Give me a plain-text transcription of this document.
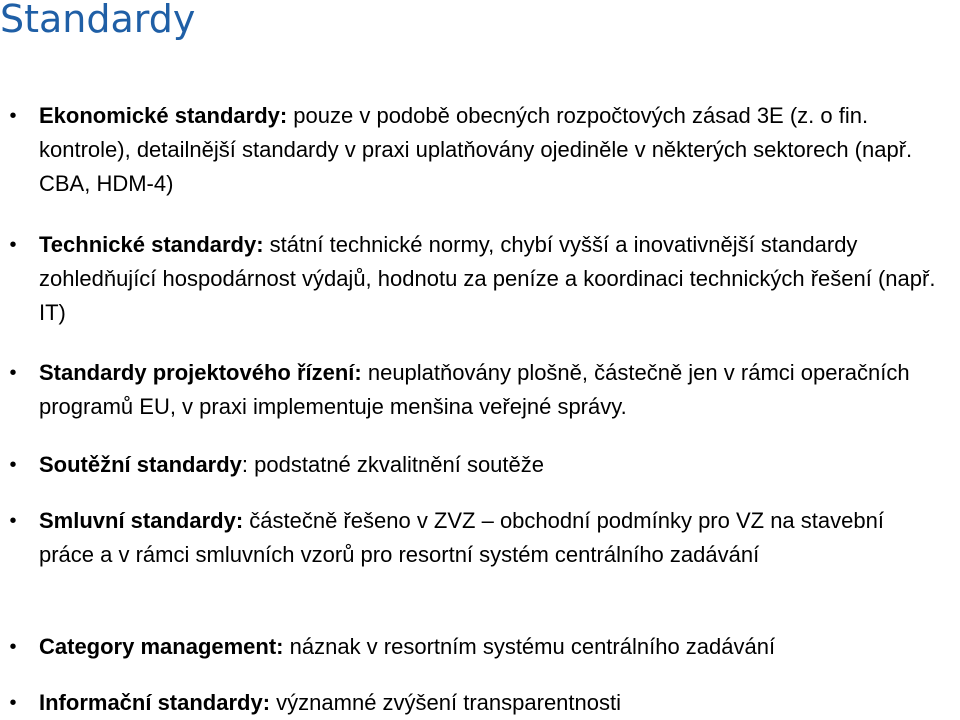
Standardy
• Ekonomické standardy: pouze v podobě obecných rozpočtových zásad 3E (z. o fin. kontrole), detailnější standardy v praxi uplatňovány ojediněle v některých sektorech (např. CBA, HDM-4)
• Technické standardy: státní technické normy, chybí vyšší a inovativnější standardy zohledňující hospodárnost výdajů, hodnotu za peníze a koordinaci technických řešení (např. IT)
• Standardy projektového řízení: neuplatňovány plošně, částečně jen v rámci operačních programů EU, v praxi implementuje menšina veřejné správy.
• Soutěžní standardy: podstatné zkvalitnění soutěže
• Smluvní standardy: částečně řešeno v ZVZ – obchodní podmínky pro VZ na stavební práce a v rámci smluvních vzorů pro resortní systém centrálního zadávání
• Category management: náznak v resortním systému centrálního zadávání
• Informační standardy: významné zvýšení transparentnosti
